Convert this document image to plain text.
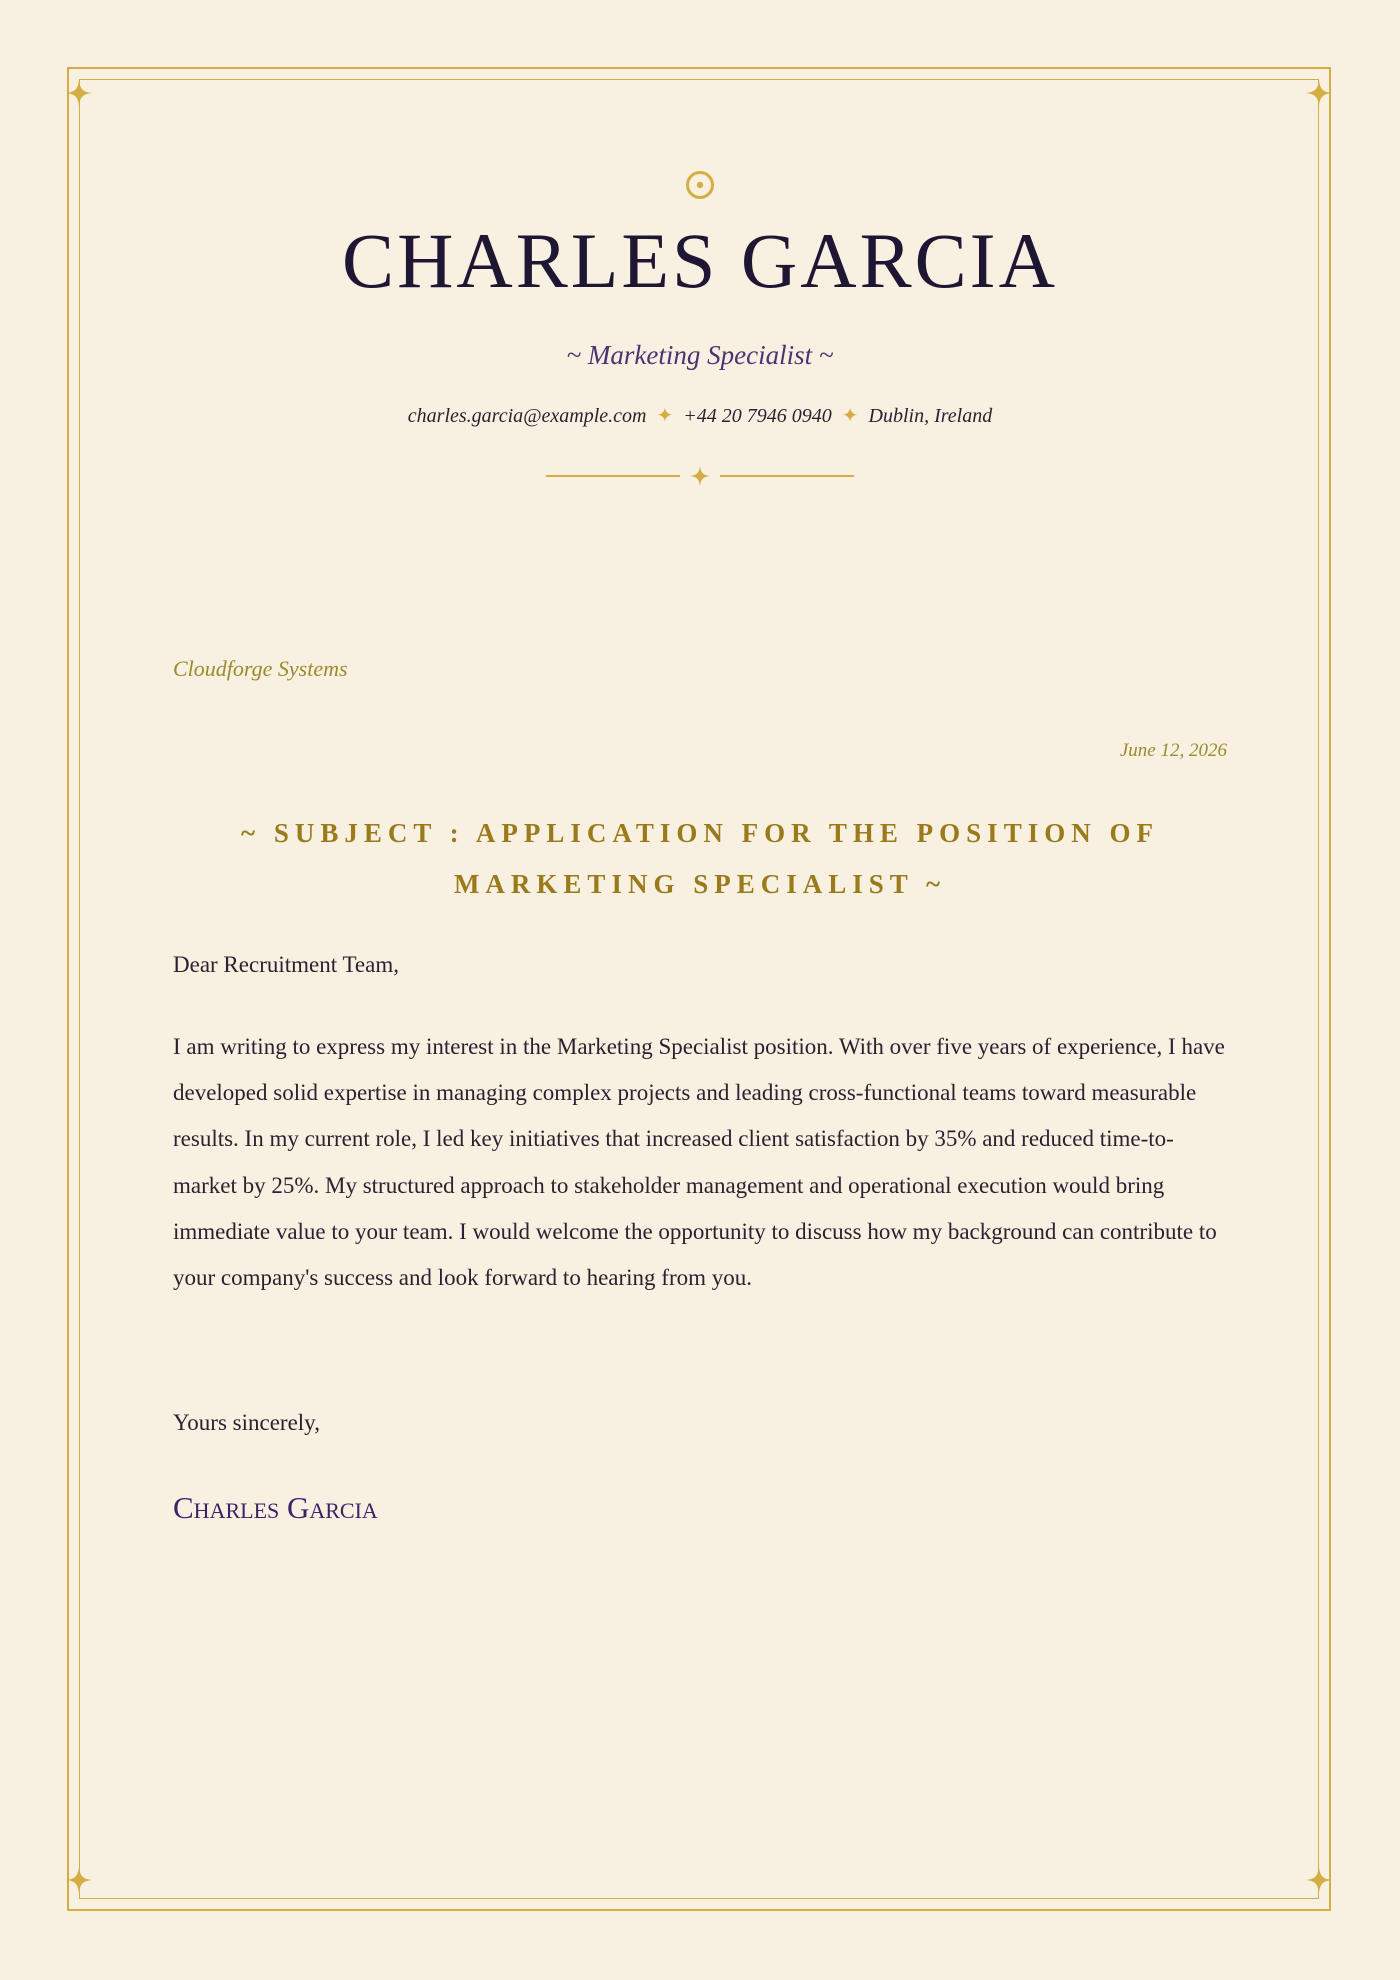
CHARLES GARCIA
~ Marketing Specialist ~
charles.garcia@example.com ✦ +44 20 7946 0940 ✦ Dublin, Ireland
Cloudforge Systems
June 12, 2026
~ SUBJECT : APPLICATION FOR THE POSITION OF MARKETING SPECIALIST ~
Dear Recruitment Team,
I am writing to express my interest in the Marketing Specialist position. With over five years of experience, I have developed solid expertise in managing complex projects and leading cross-functional teams toward measurable results. In my current role, I led key initiatives that increased client satisfaction by 35% and reduced time-to-market by 25%. My structured approach to stakeholder management and operational execution would bring immediate value to your team. I would welcome the opportunity to discuss how my background can contribute to your company's success and look forward to hearing from you.
Yours sincerely,
Charles Garcia
